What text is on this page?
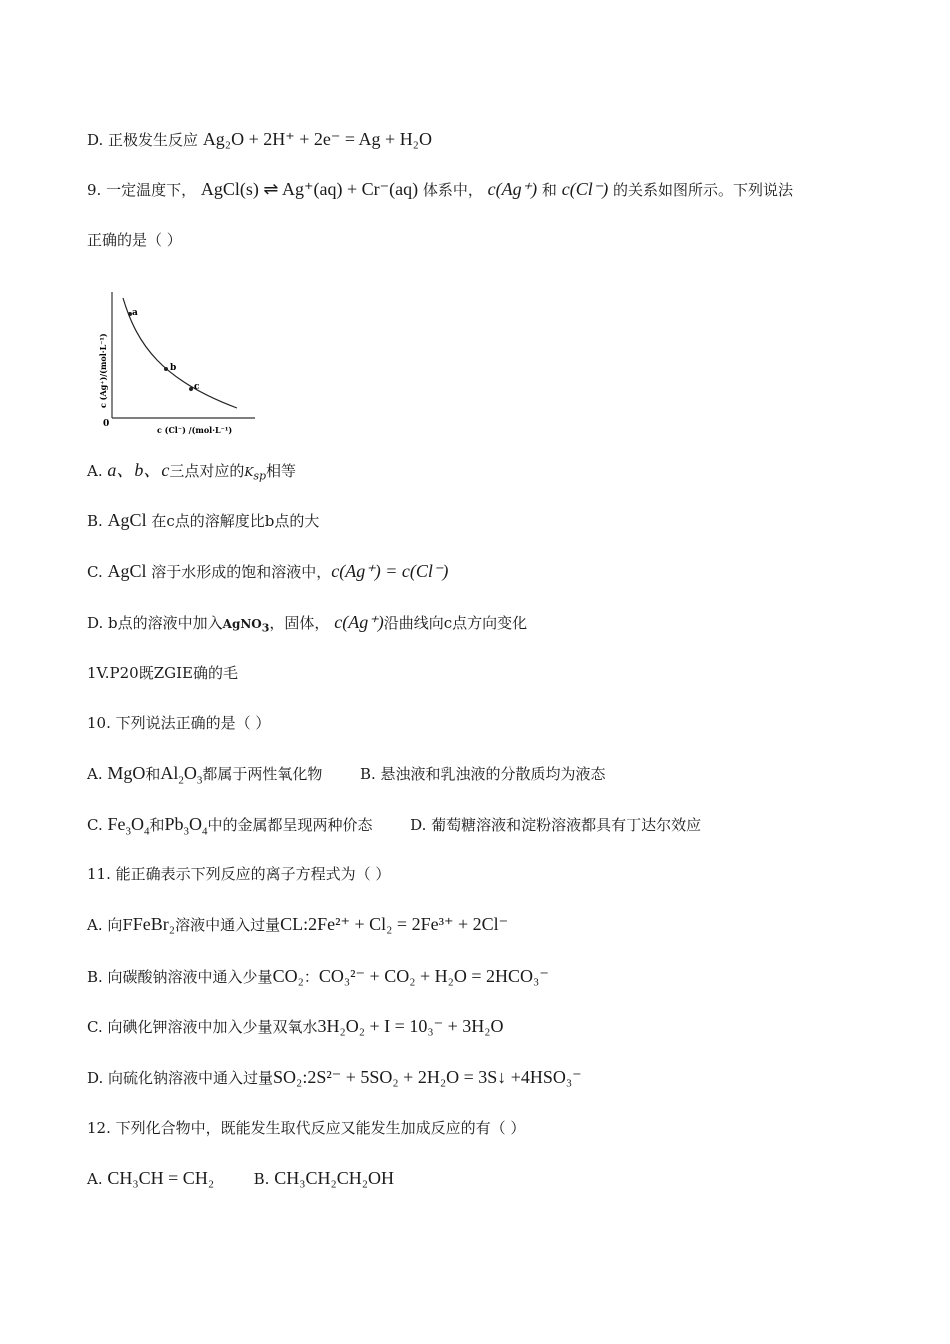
D. 正极发生反应 Ag₂O + 2H⁺ + 2e⁻ = Ag + H₂O
9. 一定温度下， AgCl(s) ⇌ Ag⁺(aq) + Cr⁻(aq) 体系中， c(Ag⁺) 和 c(Cl⁻) 的关系如图所示。下列说法
正确的是（ ）
a
b
c
0
c (Cl⁻) /(mol·L⁻¹)
c (Ag⁺)/(mol·L⁻¹)
A. a、b、c三点对应的$K_{sp}$相等
B. AgCl 在c点的溶解度比b点的大
C. AgCl 溶于水形成的饱和溶液中，c(Ag⁺) = c(Cl⁻)
D. b点的溶液中加入AgNO$_3$，固体， c(Ag⁺)沿曲线向c点方向变化
1V.P20既ZGIE确的毛
10. 下列说法正确的是（ ）
A. MgO和$Al_2O_3$都属于两性氧化物	B. 悬浊液和乳浊液的分散质均为液态
C. $Fe_3O_4$和$Pb_3O_4$中的金属都呈现两种价态	D. 葡萄糖溶液和淀粉溶液都具有丁达尔效应
11. 能正确表示下列反应的离子方程式为（ ）
A. 向FFeBr₂溶液中通入过量CL:2Fe²⁺ + Cl₂ = 2Fe³⁺ + 2Cl⁻
B. 向碳酸钠溶液中通入少量CO₂：CO₃²⁻ + CO₂ + H₂O = 2HCO₃⁻
C. 向碘化钾溶液中加入少量双氧水3H₂O₂ + I = 10₃⁻ + 3H₂O
D. 向硫化钠溶液中通入过量SO₂:2S²⁻ + 5SO₂ + 2H₂O = 3S↓ +4HSO₃⁻
12. 下列化合物中，既能发生取代反应又能发生加成反应的有（ ）
A. CH₃CH = CH₂	B. CH₃CH₂CH₂OH
